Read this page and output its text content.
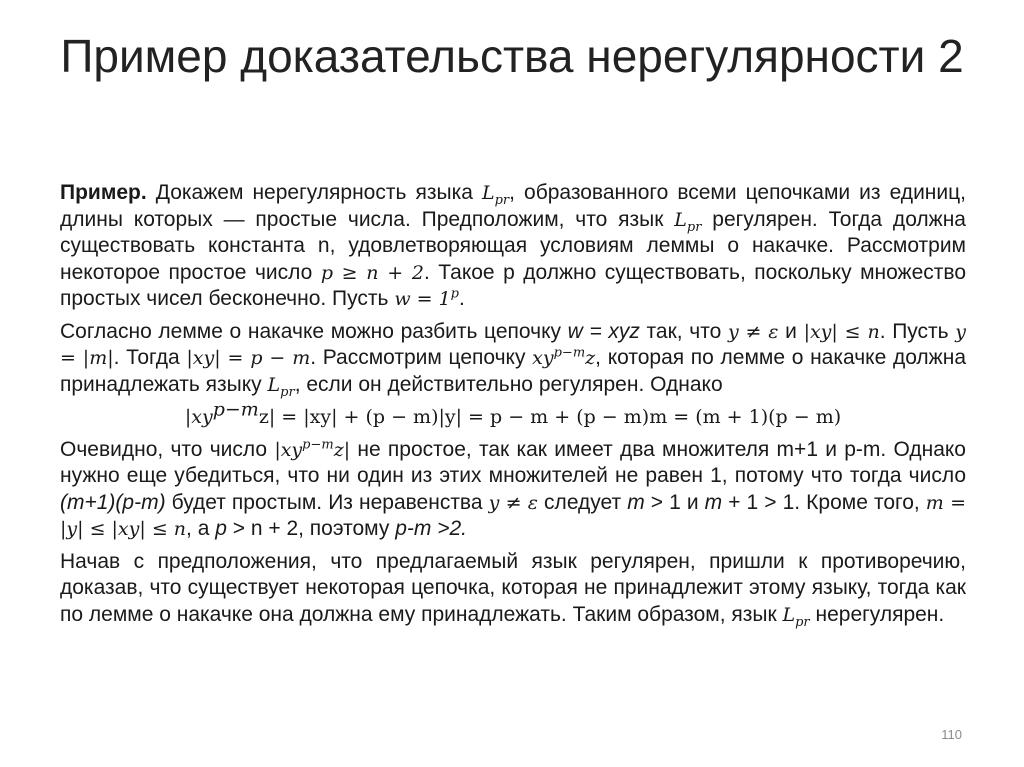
Пример доказательства нерегулярности 2

Пример. Докажем нерегулярность языка $L_{pr}$, образованного всеми цепочками из единиц, длины которых — простые числа. Предположим, что язык $L_{pr}$ регулярен. Тогда должна существовать константа n, удовлетворяющая условиям леммы о накачке. Рассмотрим некоторое простое число p ≥ n + 2. Такое p должно существовать, поскольку множество простых чисел бесконечно. Пусть $w = 1^p$.

Согласно лемме о накачке можно разбить цепочку w = xyz так, что y ≠ ε и |xy| ≤ n. Пусть y = |m|. Тогда |xy| = p − m. Рассмотрим цепочку $xy^{p-m}z$, которая по лемме о накачке должна принадлежать языку $L_{pr}$, если он действительно регулярен. Однако

$|xy^{p-m}z| = |xy| + (p - m)|y| = p - m + (p - m)m = (m + 1)(p - m)$

Очевидно, что число $|xy^{p-m}z|$ не простое, так как имеет два множителя m+1 и p-m. Однако нужно еще убедиться, что ни один из этих множителей не равен 1, потому что тогда число (m+1)(p-m) будет простым. Из неравенства y ≠ ε следует m > 1 и m + 1 > 1. Кроме того, m = |y| ≤ |xy| ≤ n, а p > n + 2, поэтому p-m >2.

Начав с предположения, что предлагаемый язык регулярен, пришли к противоречию, доказав, что существует некоторая цепочка, которая не принадлежит этому языку, тогда как по лемме о накачке она должна ему принадлежать. Таким образом, язык $L_{pr}$ нерегулярен.

110
